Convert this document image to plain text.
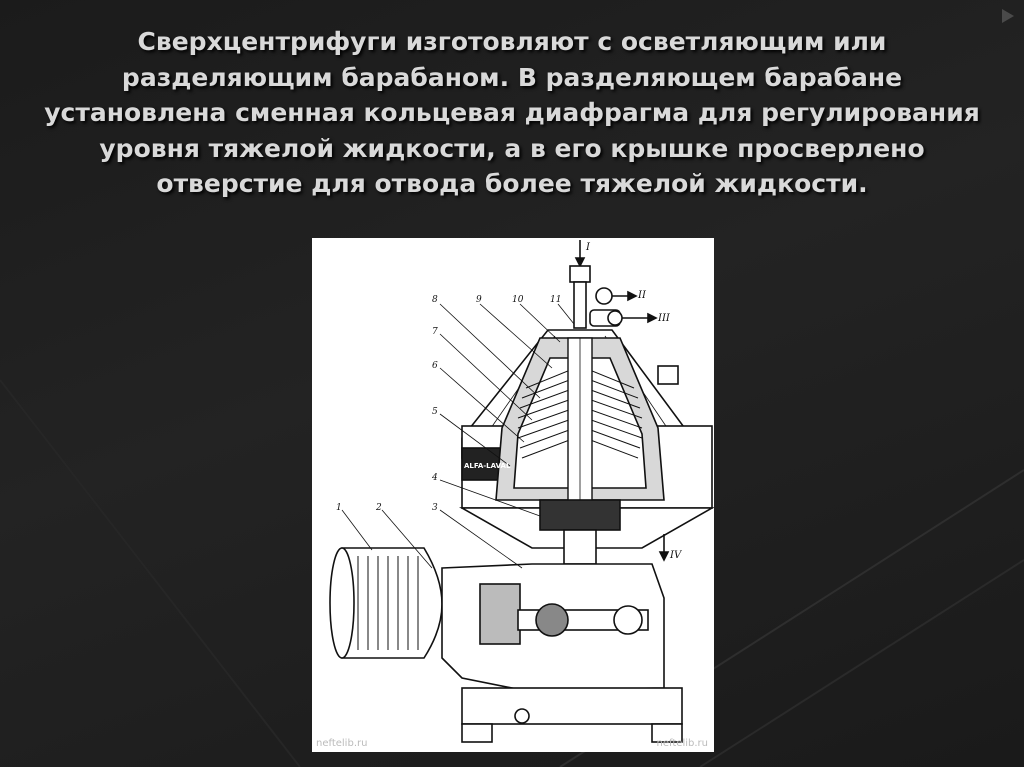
Сверхцентрифуги изготовляют с осветляющим или разделяющим барабаном. В разделяющем барабане установлена сменная кольцевая диафрагма для регулирования уровня тяжелой жидкости, а в его крышке просверлено отверстие для отвода более тяжелой жидкости.
8	9	10	11
7
6
5
4
3
2
1
I
II
III
IV
ALFA-LAVAL
neftelib.ru	neftelib.ru
